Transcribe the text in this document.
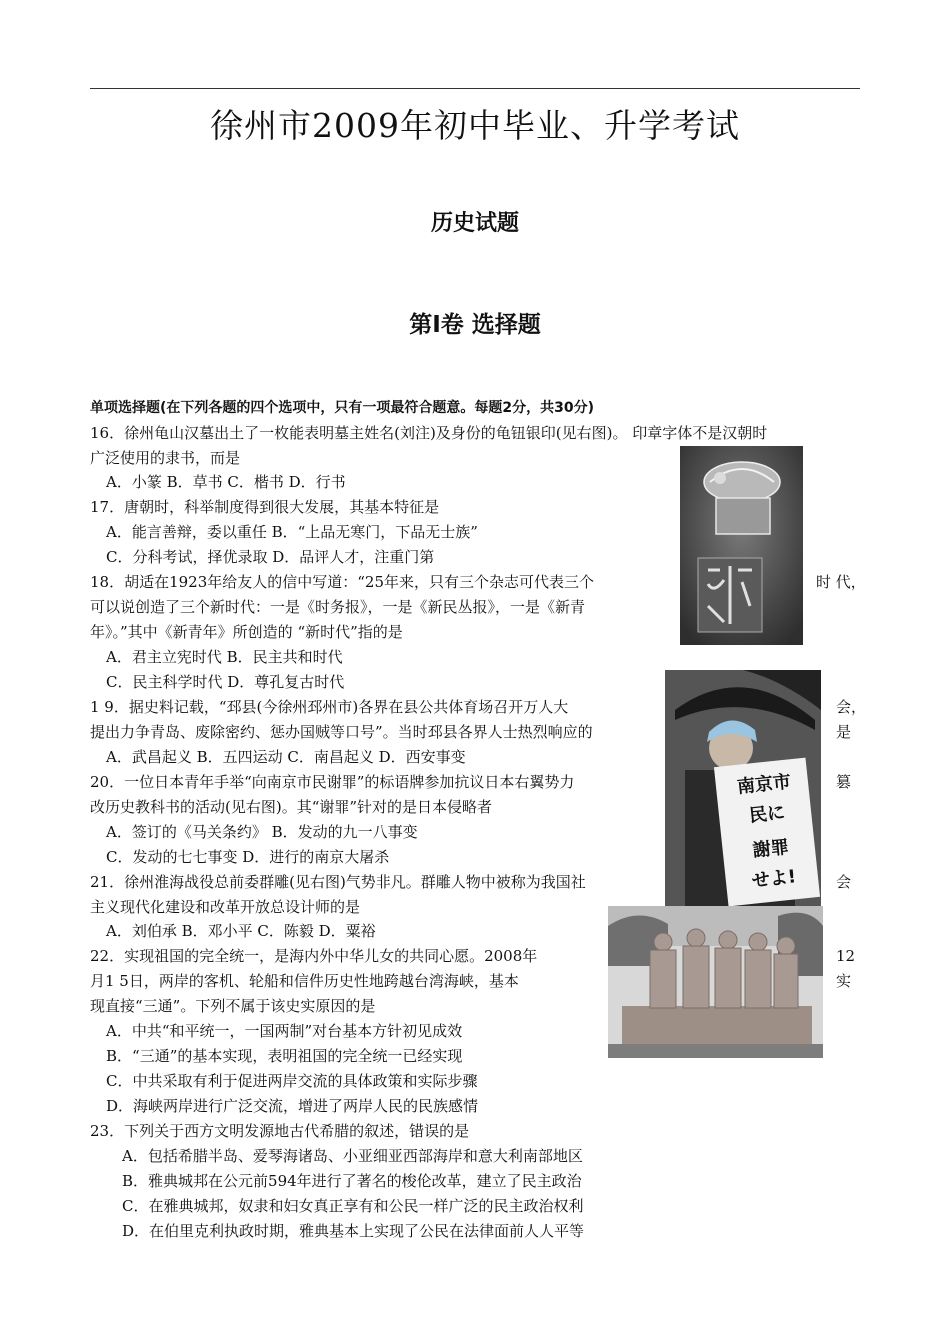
徐州市2009年初中毕业、升学考试
历史试题
第Ⅰ卷 选择题
单项选择题(在下列各题的四个选项中，只有一项最符合题意。每题2分，共30分)
16．徐州龟山汉墓出土了一枚能表明墓主姓名(刘注)及身份的龟钮银印(见右图)。 印章字体不是汉朝时
广泛使用的隶书，而是
A．小篆 B．草书 C．楷书 D．行书
17．唐朝时，科举制度得到很大发展，其基本特征是
A．能言善辩，委以重任 B．“上品无寒门，下品无士族”
C．分科考试，择优录取 D．品评人才，注重门第
18．胡适在1923年给友人的信中写道：“25年来，只有三个杂志可代表三个	时 代，
可以说创造了三个新时代：一是《时务报》，一是《新民丛报》，一是《新青
年》。”其中《新青年》所创造的 “新时代”指的是
A．君主立宪时代 B．民主共和时代
C．民主科学时代 D．尊孔复古时代
1 9．据史料记载，“邳县(今徐州邳州市)各界在县公共体育场召开万人大	会，
提出力争青岛、废除密约、惩办国贼等口号”。当时邳县各界人士热烈响应的	是
A．武昌起义 B．五四运动 C．南昌起义 D．西安事变
20．一位日本青年手举“向南京市民谢罪”的标语牌参加抗议日本右翼势力	篡
改历史教科书的活动(见右图)。其“谢罪”针对的是日本侵略者
A．签订的《马关条约》 B．发动的九一八事变
C．发动的七七事变 D．进行的南京大屠杀
21．徐州淮海战役总前委群雕(见右图)气势非凡。群雕人物中被称为我国社	会
主义现代化建设和改革开放总设计师的是
A．刘伯承 B．邓小平 C．陈毅 D．粟裕
22．实现祖国的完全统一，是海内外中华儿女的共同心愿。2008年	12
月1 5日，两岸的客机、轮船和信件历史性地跨越台湾海峡，基本	实
现直接“三通”。下列不属于该史实原因的是
A．中共“和平统一，一国两制”对台基本方针初见成效
B．“三通”的基本实现，表明祖国的完全统一已经实现
C．中共采取有利于促进两岸交流的具体政策和实际步骤
D．海峡两岸进行广泛交流，增进了两岸人民的民族感情
23．下列关于西方文明发源地古代希腊的叙述，错误的是
A．包括希腊半岛、爱琴海诸岛、小亚细亚西部海岸和意大利南部地区
B．雅典城邦在公元前594年进行了著名的梭伦改革，建立了民主政治
C．在雅典城邦，奴隶和妇女真正享有和公民一样广泛的民主政治权利
D．在伯里克利执政时期，雅典基本上实现了公民在法律面前人人平等
南京市
民に
謝罪
せよ!
